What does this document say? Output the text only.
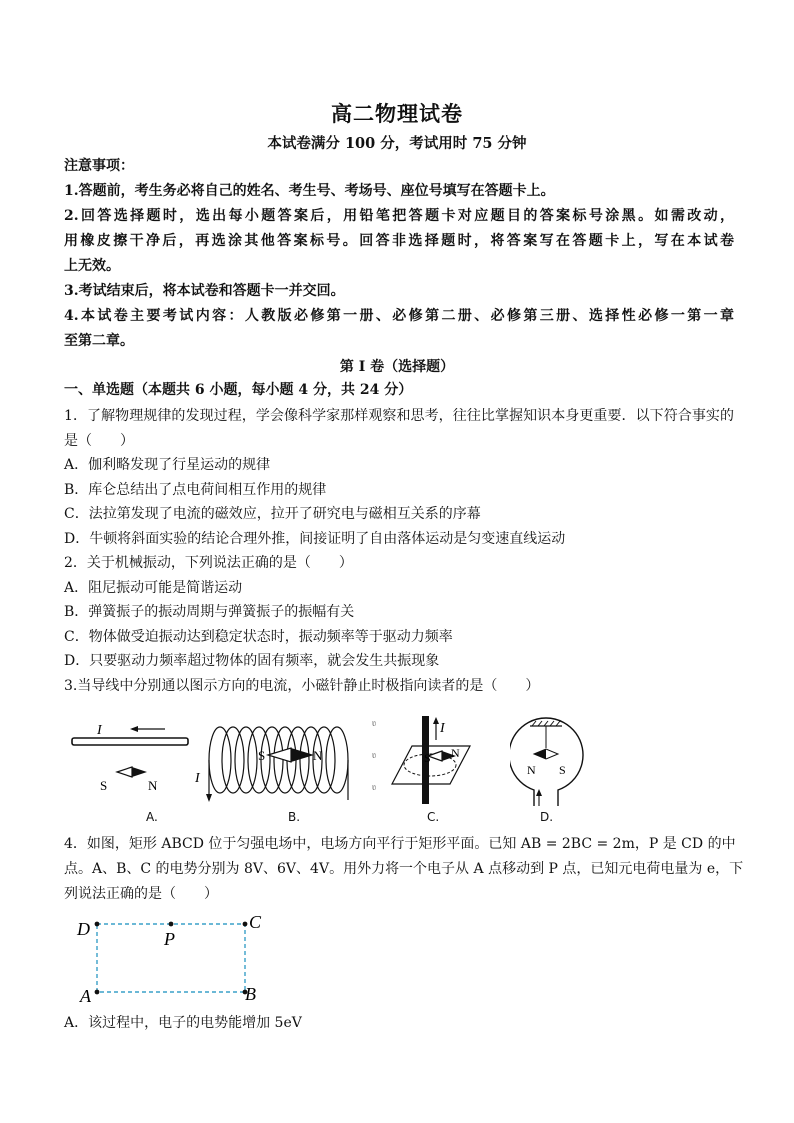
高二物理试卷
本试卷满分 100 分，考试用时 75 分钟
注意事项：
1.答题前，考生务必将自己的姓名、考生号、考场号、座位号填写在答题卡上。
2.回答选择题时，选出每小题答案后，用铅笔把答题卡对应题目的答案标号涂黑。如需改动，
用橡皮擦干净后，再选涂其他答案标号。回答非选择题时，将答案写在答题卡上，写在本试卷
上无效。
3.考试结束后，将本试卷和答题卡一并交回。
4.本试卷主要考试内容：人教版必修第一册、必修第二册、必修第三册、选择性必修一第一章
至第二章。
第 I 卷（选择题）
一、单选题（本题共 6 小题，每小题 4 分，共 24 分）
1．了解物理规律的发现过程，学会像科学家那样观察和思考，往往比掌握知识本身更重要．以下符合事实的
是（　　）
A．伽利略发现了行星运动的规律
B．库仑总结出了点电荷间相互作用的规律
C．法拉第发现了电流的磁效应，拉开了研究电与磁相互关系的序幕
D．牛顿将斜面实验的结论合理外推，间接证明了自由落体运动是匀变速直线运动
2．关于机械振动，下列说法正确的是（　　）
A．阻尼振动可能是简谐运动
B．弹簧振子的振动周期与弹簧振子的振幅有关
C．物体做受迫振动达到稳定状态时，振动频率等于驱动力频率
D．只要驱动力频率超过物体的固有频率，就会发生共振现象
3.当导线中分别通以图示方向的电流，小磁针静止时极指向读者的是（　　）
I
S	N
A.
I
S	N
B.
I
S N
ʋ
ʋ
ʋ
C.
N S
D.
4．如图，矩形 ABCD 位于匀强电场中，电场方向平行于矩形平面。已知 AB = 2BC = 2m，P 是 CD 的中
点。A、B、C 的电势分别为 8V、6V、4V。用外力将一个电子从 A 点移动到 P 点，已知元电荷电量为 e，下
列说法正确的是（　　）
D	C
A	B
P
A．该过程中，电子的电势能增加 5eV
